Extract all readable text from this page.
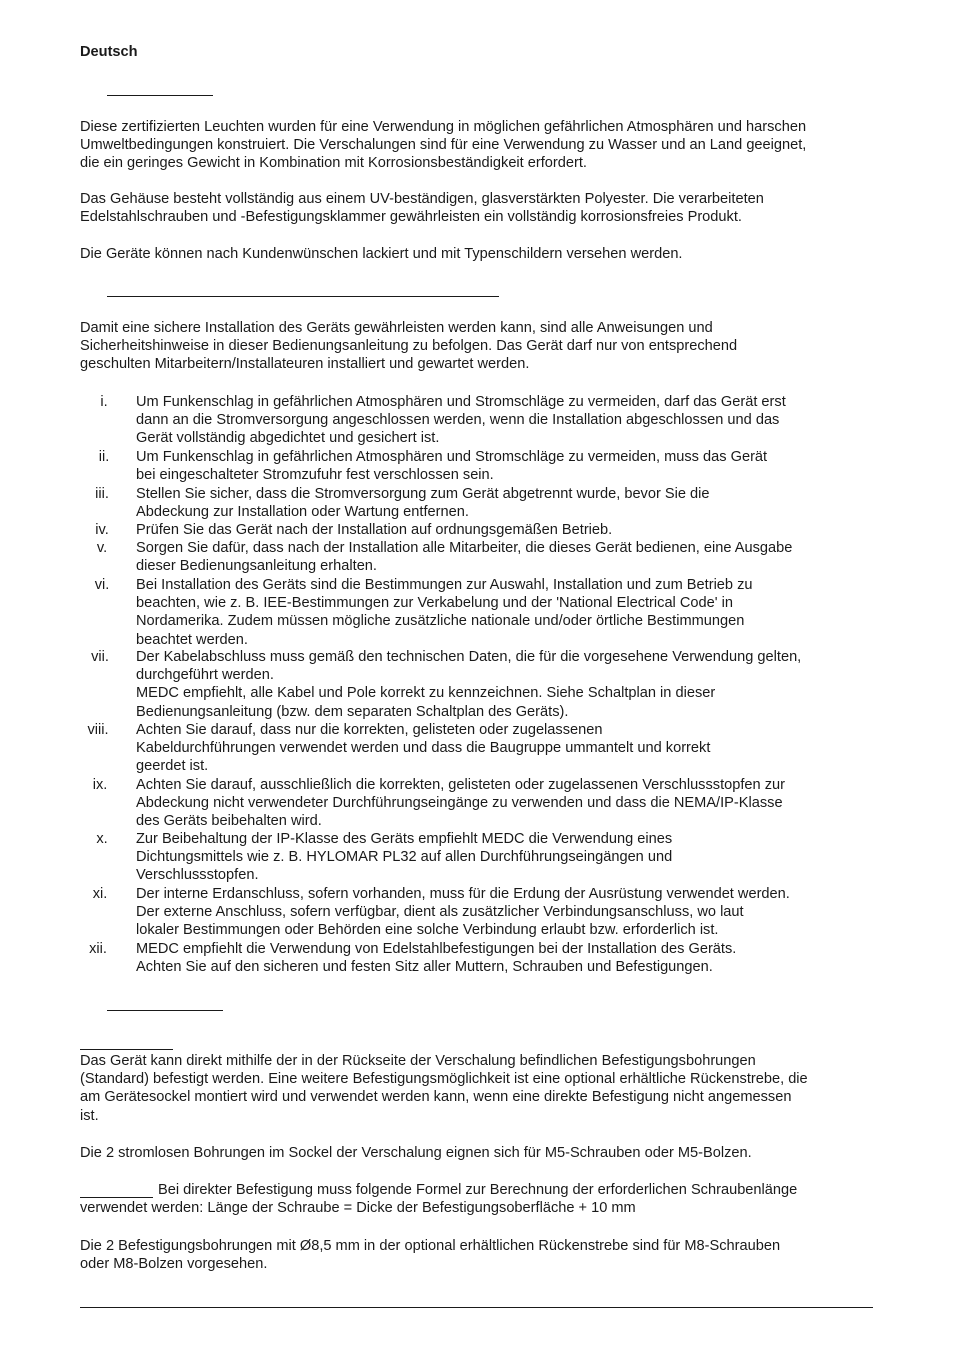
Deutsch
Diese zertifizierten Leuchten wurden für eine Verwendung in möglichen gefährlichen Atmosphären und harschen
Umweltbedingungen konstruiert. Die Verschalungen sind für eine Verwendung zu Wasser und an Land geeignet,
die ein geringes Gewicht in Kombination mit Korrosionsbeständigkeit erfordert.
Das Gehäuse besteht vollständig aus einem UV-beständigen, glasverstärkten Polyester. Die verarbeiteten
Edelstahlschrauben und -Befestigungsklammer gewährleisten ein vollständig korrosionsfreies Produkt.
Die Geräte können nach Kundenwünschen lackiert und mit Typenschildern versehen werden.
Damit eine sichere Installation des Geräts gewährleisten werden kann, sind alle Anweisungen und
Sicherheitshinweise in dieser Bedienungsanleitung zu befolgen. Das Gerät darf nur von entsprechend
geschulten Mitarbeitern/Installateuren installiert und gewartet werden.
i.	Um Funkenschlag in gefährlichen Atmosphären und Stromschläge zu vermeiden, darf das Gerät erst
dann an die Stromversorgung angeschlossen werden, wenn die Installation abgeschlossen und das
Gerät vollständig abgedichtet und gesichert ist.
ii.	Um Funkenschlag in gefährlichen Atmosphären und Stromschläge zu vermeiden, muss das Gerät
bei eingeschalteter Stromzufuhr fest verschlossen sein.
iii.	Stellen Sie sicher, dass die Stromversorgung zum Gerät abgetrennt wurde, bevor Sie die
Abdeckung zur Installation oder Wartung entfernen.
iv.	Prüfen Sie das Gerät nach der Installation auf ordnungsgemäßen Betrieb.
v.	Sorgen Sie dafür, dass nach der Installation alle Mitarbeiter, die dieses Gerät bedienen, eine Ausgabe
dieser Bedienungsanleitung erhalten.
vi.	Bei Installation des Geräts sind die Bestimmungen zur Auswahl, Installation und zum Betrieb zu
beachten, wie z. B. IEE-Bestimmungen zur Verkabelung und der 'National Electrical Code' in
Nordamerika. Zudem müssen mögliche zusätzliche nationale und/oder örtliche Bestimmungen
beachtet werden.
vii.	Der Kabelabschluss muss gemäß den technischen Daten, die für die vorgesehene Verwendung gelten,
durchgeführt werden.
MEDC empfiehlt, alle Kabel und Pole korrekt zu kennzeichnen. Siehe Schaltplan in dieser
Bedienungsanleitung (bzw. dem separaten Schaltplan des Geräts).
viii.	Achten Sie darauf, dass nur die korrekten, gelisteten oder zugelassenen
Kabeldurchführungen verwendet werden und dass die Baugruppe ummantelt und korrekt
geerdet ist.
ix.	Achten Sie darauf, ausschließlich die korrekten, gelisteten oder zugelassenen Verschlussstopfen zur
Abdeckung nicht verwendeter Durchführungseingänge zu verwenden und dass die NEMA/IP-Klasse
des Geräts beibehalten wird.
x.	Zur Beibehaltung der IP-Klasse des Geräts empfiehlt MEDC die Verwendung eines
Dichtungsmittels wie z. B. HYLOMAR PL32 auf allen Durchführungseingängen und
Verschlussstopfen.
xi.	Der interne Erdanschluss, sofern vorhanden, muss für die Erdung der Ausrüstung verwendet werden.
Der externe Anschluss, sofern verfügbar, dient als zusätzlicher Verbindungsanschluss, wo laut
lokaler Bestimmungen oder Behörden eine solche Verbindung erlaubt bzw. erforderlich ist.
xii.	MEDC empfiehlt die Verwendung von Edelstahlbefestigungen bei der Installation des Geräts.
Achten Sie auf den sicheren und festen Sitz aller Muttern, Schrauben und Befestigungen.
Das Gerät kann direkt mithilfe der in der Rückseite der Verschalung befindlichen Befestigungsbohrungen
(Standard) befestigt werden. Eine weitere Befestigungsmöglichkeit ist eine optional erhältliche Rückenstrebe, die
am Gerätesockel montiert wird und verwendet werden kann, wenn eine direkte Befestigung nicht angemessen
ist.
Die 2 stromlosen Bohrungen im Sockel der Verschalung eignen sich für M5-Schrauben oder M5-Bolzen.
Bei direkter Befestigung muss folgende Formel zur Berechnung der erforderlichen Schraubenlänge
verwendet werden: Länge der Schraube = Dicke der Befestigungsoberfläche + 10 mm
Die 2 Befestigungsbohrungen mit Ø8,5 mm in der optional erhältlichen Rückenstrebe sind für M8-Schrauben
oder M8-Bolzen vorgesehen.
